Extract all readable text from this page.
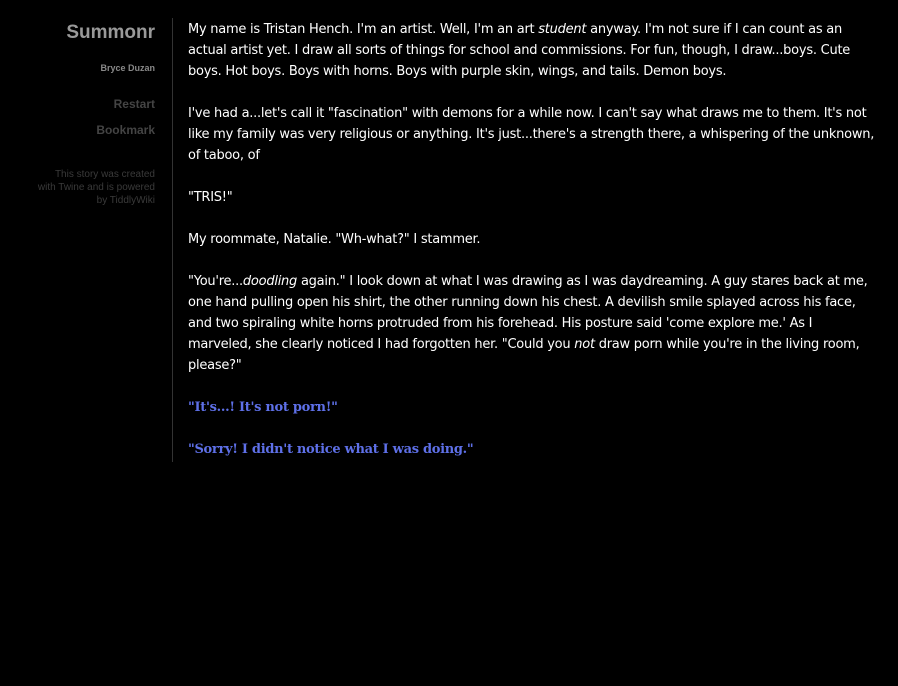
Summonr
Bryce Duzan
Restart
Bookmark
This story was created
with Twine and is powered
by TiddlyWiki

My name is Tristan Hench. I'm an artist. Well, I'm an art student anyway. I'm not sure if I can count as an actual artist yet. I draw all sorts of things for school and commissions. For fun, though, I draw...boys. Cute boys. Hot boys. Boys with horns. Boys with purple skin, wings, and tails. Demon boys.

I've had a...let's call it "fascination" with demons for a while now. I can't say what draws me to them. It's not like my family was very religious or anything. It's just...there's a strength there, a whispering of the unknown, of taboo, of

"TRIS!"

My roommate, Natalie. "Wh-what?" I stammer.

"You're...doodling again." I look down at what I was drawing as I was daydreaming. A guy stares back at me, one hand pulling open his shirt, the other running down his chest. A devilish smile splayed across his face, and two spiraling white horns protruded from his forehead. His posture said 'come explore me.' As I marveled, she clearly noticed I had forgotten her. "Could you not draw porn while you're in the living room, please?"

"It's...! It's not porn!"
"Sorry! I didn't notice what I was doing."
